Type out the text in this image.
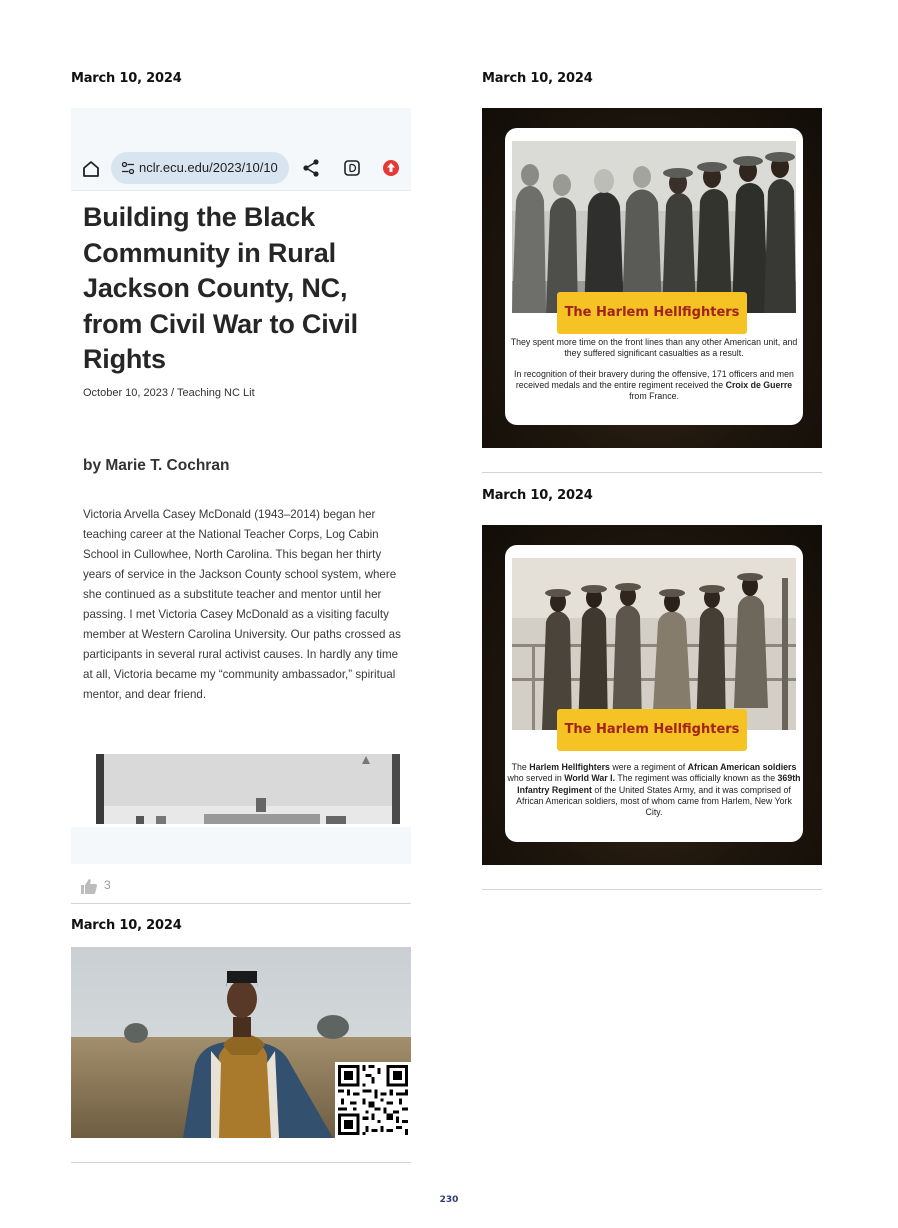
March 10, 2024
nclr.ecu.edu/2023/10/10
Building the Black Community in Rural Jackson County, NC, from Civil War to Civil Rights
October 10, 2023 / Teaching NC Lit
by Marie T. Cochran
Victoria Arvella Casey McDonald (1943–2014) began her teaching career at the National Teacher Corps, Log Cabin School in Cullowhee, North Carolina. This began her thirty years of service in the Jackson County school system, where she continued as a substitute teacher and mentor until her passing. I met Victoria Casey McDonald as a visiting faculty member at Western Carolina University. Our paths crossed as participants in several rural activist causes. In hardly any time at all, Victoria became my “community ambassador,” spiritual mentor, and dear friend.
3
March 10, 2024
March 10, 2024
The Harlem Hellfighters

They spent more time on the front lines than any other American unit, and they suffered significant casualties as a result.

In recognition of their bravery during the offensive, 171 officers and men received medals and the entire regiment received the Croix de Guerre from France.

March 10, 2024
The Harlem Hellfighters

The Harlem Hellfighters were a regiment of African American soldiers who served in World War I. The regiment was officially known as the 369th Infantry Regiment of the United States Army, and it was comprised of African American soldiers, most of whom came from Harlem, New York City.

230
